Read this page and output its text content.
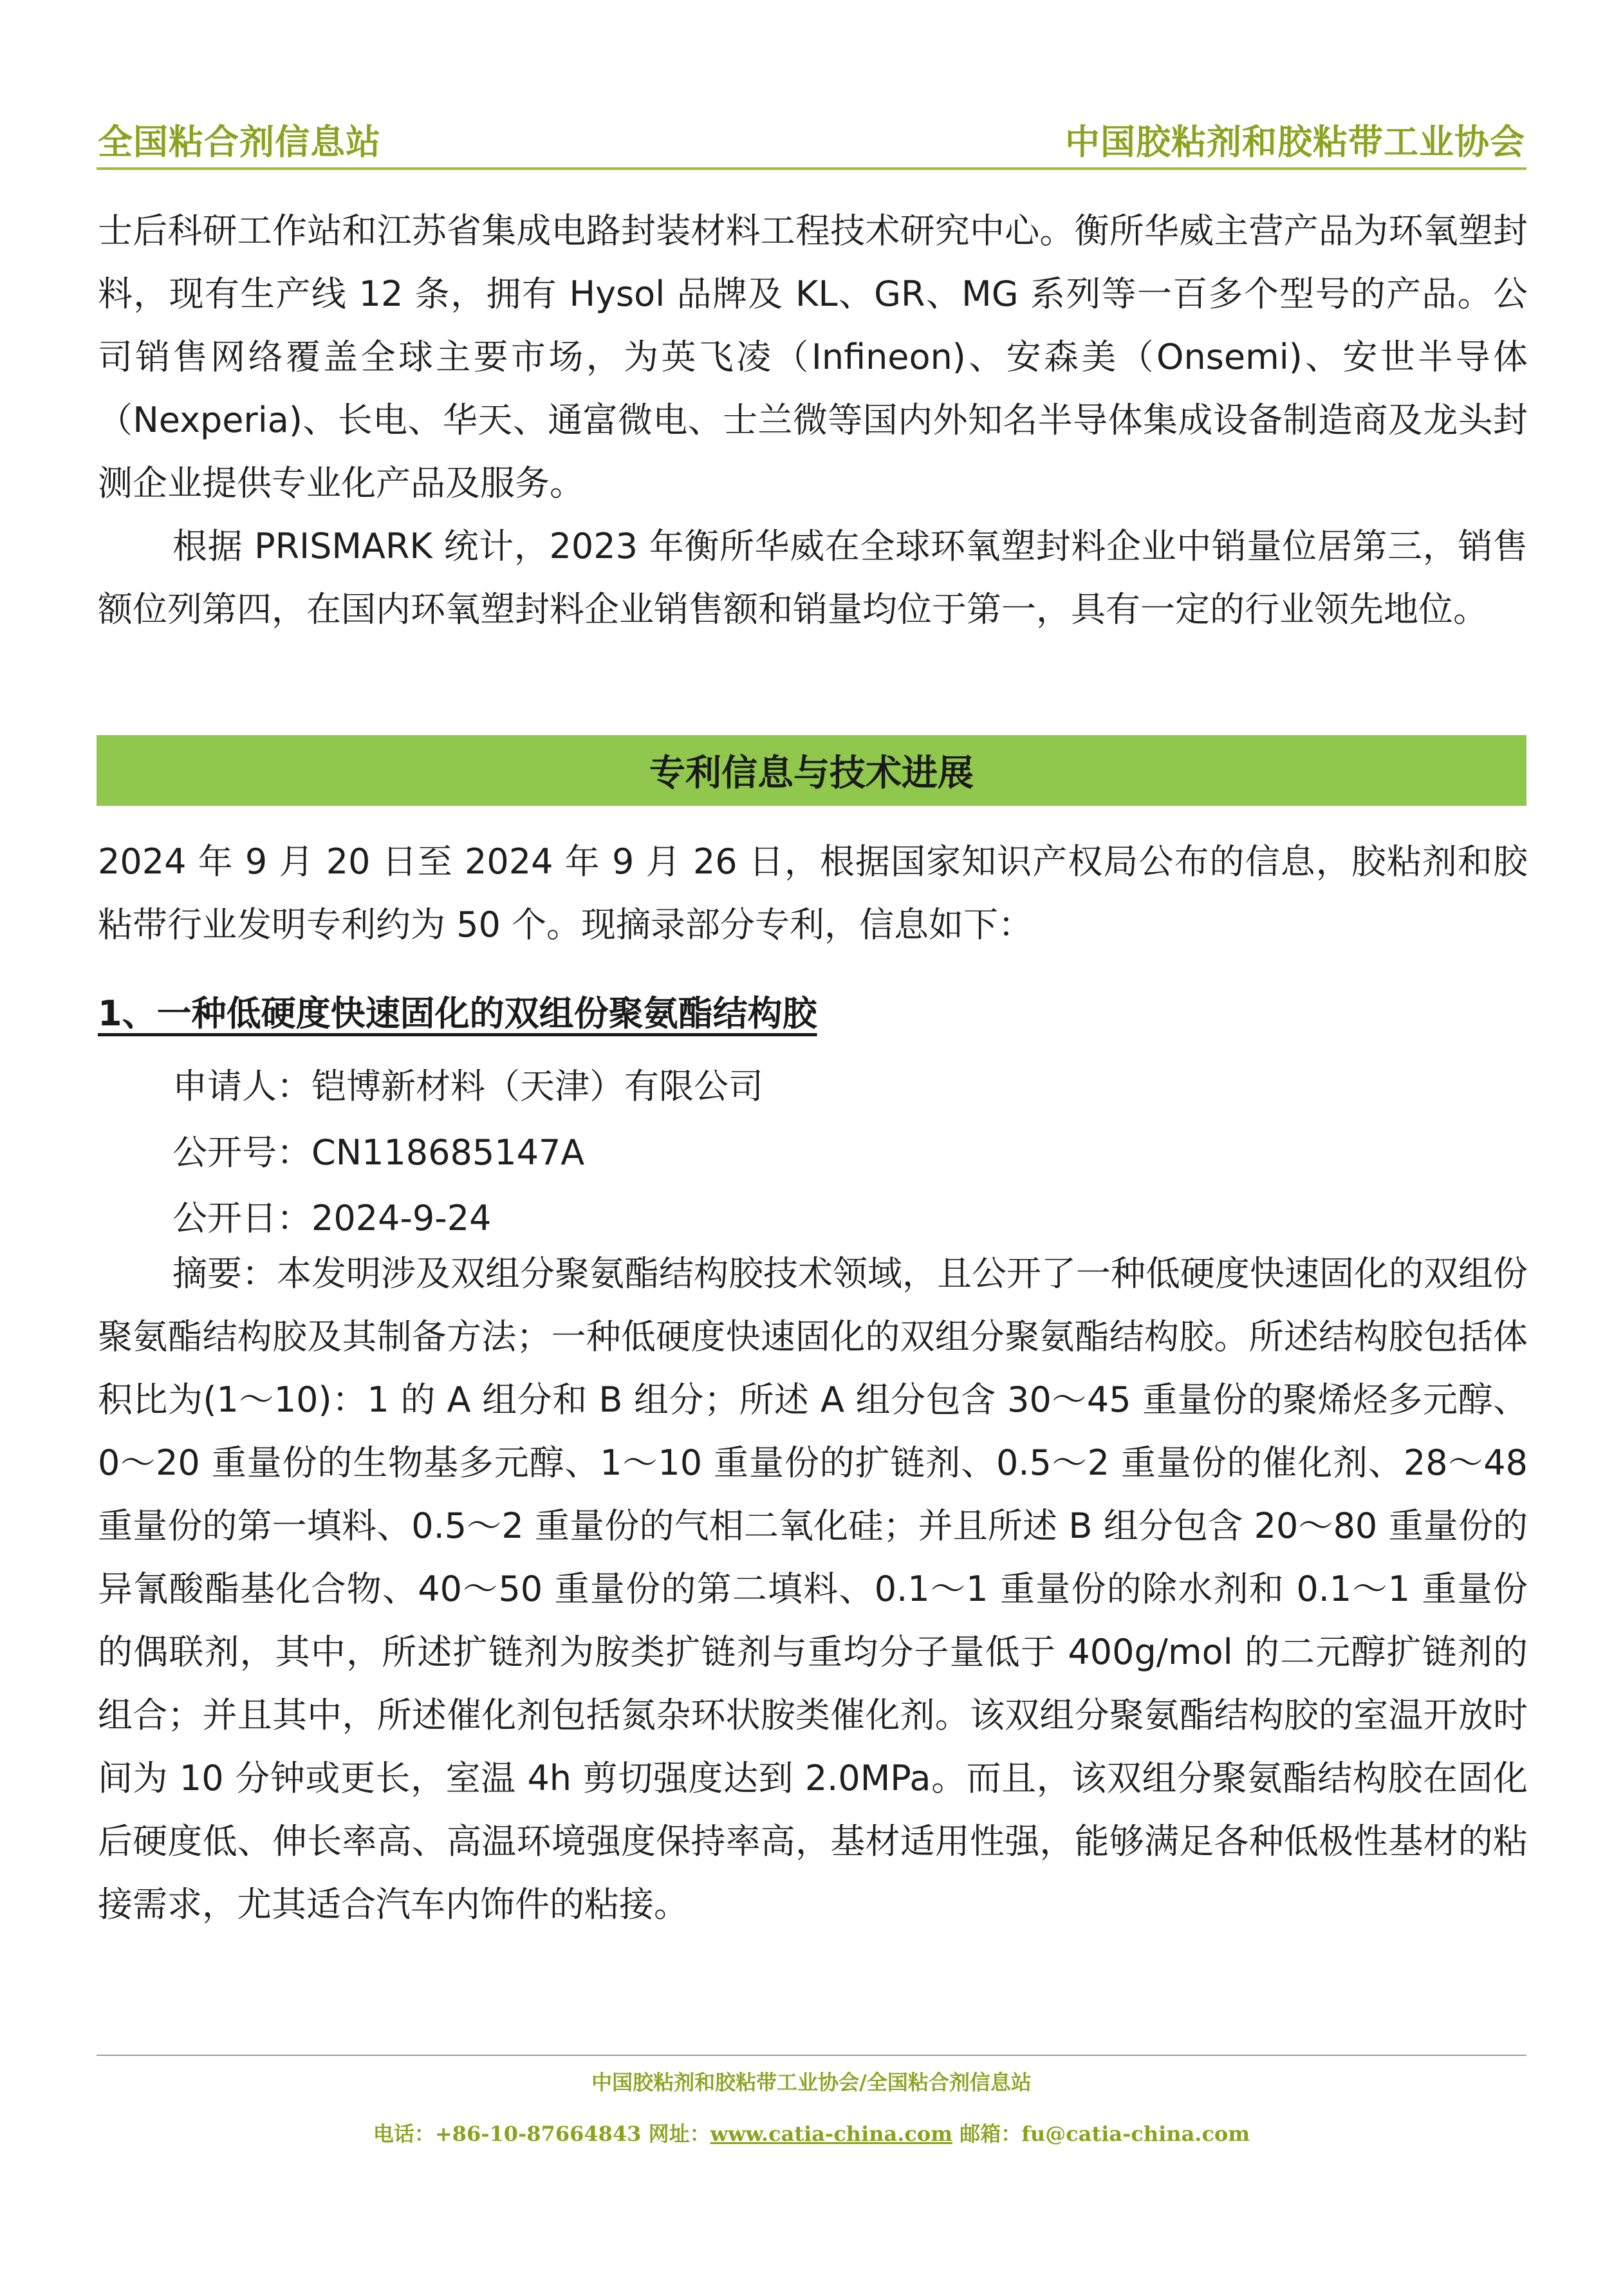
全国粘合剂信息站	中国胶粘剂和胶粘带工业协会
士后科研工作站和江苏省集成电路封装材料工程技术研究中心。衡所华威主营产品为环氧塑封料，现有生产线 12 条，拥有 Hysol 品牌及 KL、GR、MG 系列等一百多个型号的产品。公司销售网络覆盖全球主要市场，为英飞凌（Infineon)、安森美（Onsemi)、安世半导体（Nexperia)、长电、华天、通富微电、士兰微等国内外知名半导体集成设备制造商及龙头封测企业提供专业化产品及服务。
根据 PRISMARK 统计，2023 年衡所华威在全球环氧塑封料企业中销量位居第三，销售额位列第四，在国内环氧塑封料企业销售额和销量均位于第一，具有一定的行业领先地位。
专利信息与技术进展
2024 年 9 月 20 日至 2024 年 9 月 26 日，根据国家知识产权局公布的信息，胶粘剂和胶粘带行业发明专利约为 50 个。现摘录部分专利，信息如下：
1、一种低硬度快速固化的双组份聚氨酯结构胶
申请人：铠博新材料（天津）有限公司
公开号：CN118685147A
公开日：2024-9-24
摘要：本发明涉及双组分聚氨酯结构胶技术领域，且公开了一种低硬度快速固化的双组份聚氨酯结构胶及其制备方法；一种低硬度快速固化的双组分聚氨酯结构胶。所述结构胶包括体积比为(1～10)：1 的 A 组分和 B 组分；所述 A 组分包含 30～45 重量份的聚烯烃多元醇、0～20 重量份的生物基多元醇、1～10 重量份的扩链剂、0.5～2 重量份的催化剂、28～48 重量份的第一填料、0.5～2 重量份的气相二氧化硅；并且所述 B 组分包含 20～80 重量份的异氰酸酯基化合物、40～50 重量份的第二填料、0.1～1 重量份的除水剂和 0.1～1 重量份的偶联剂，其中，所述扩链剂为胺类扩链剂与重均分子量低于 400g/mol 的二元醇扩链剂的组合；并且其中，所述催化剂包括氮杂环状胺类催化剂。该双组分聚氨酯结构胶的室温开放时间为 10 分钟或更长，室温 4h 剪切强度达到 2.0MPa。而且，该双组分聚氨酯结构胶在固化后硬度低、伸长率高、高温环境强度保持率高，基材适用性强，能够满足各种低极性基材的粘接需求，尤其适合汽车内饰件的粘接。
中国胶粘剂和胶粘带工业协会/全国粘合剂信息站
电话：+86-10-87664843 网址：www.catia-china.com 邮箱：fu@catia-china.com
